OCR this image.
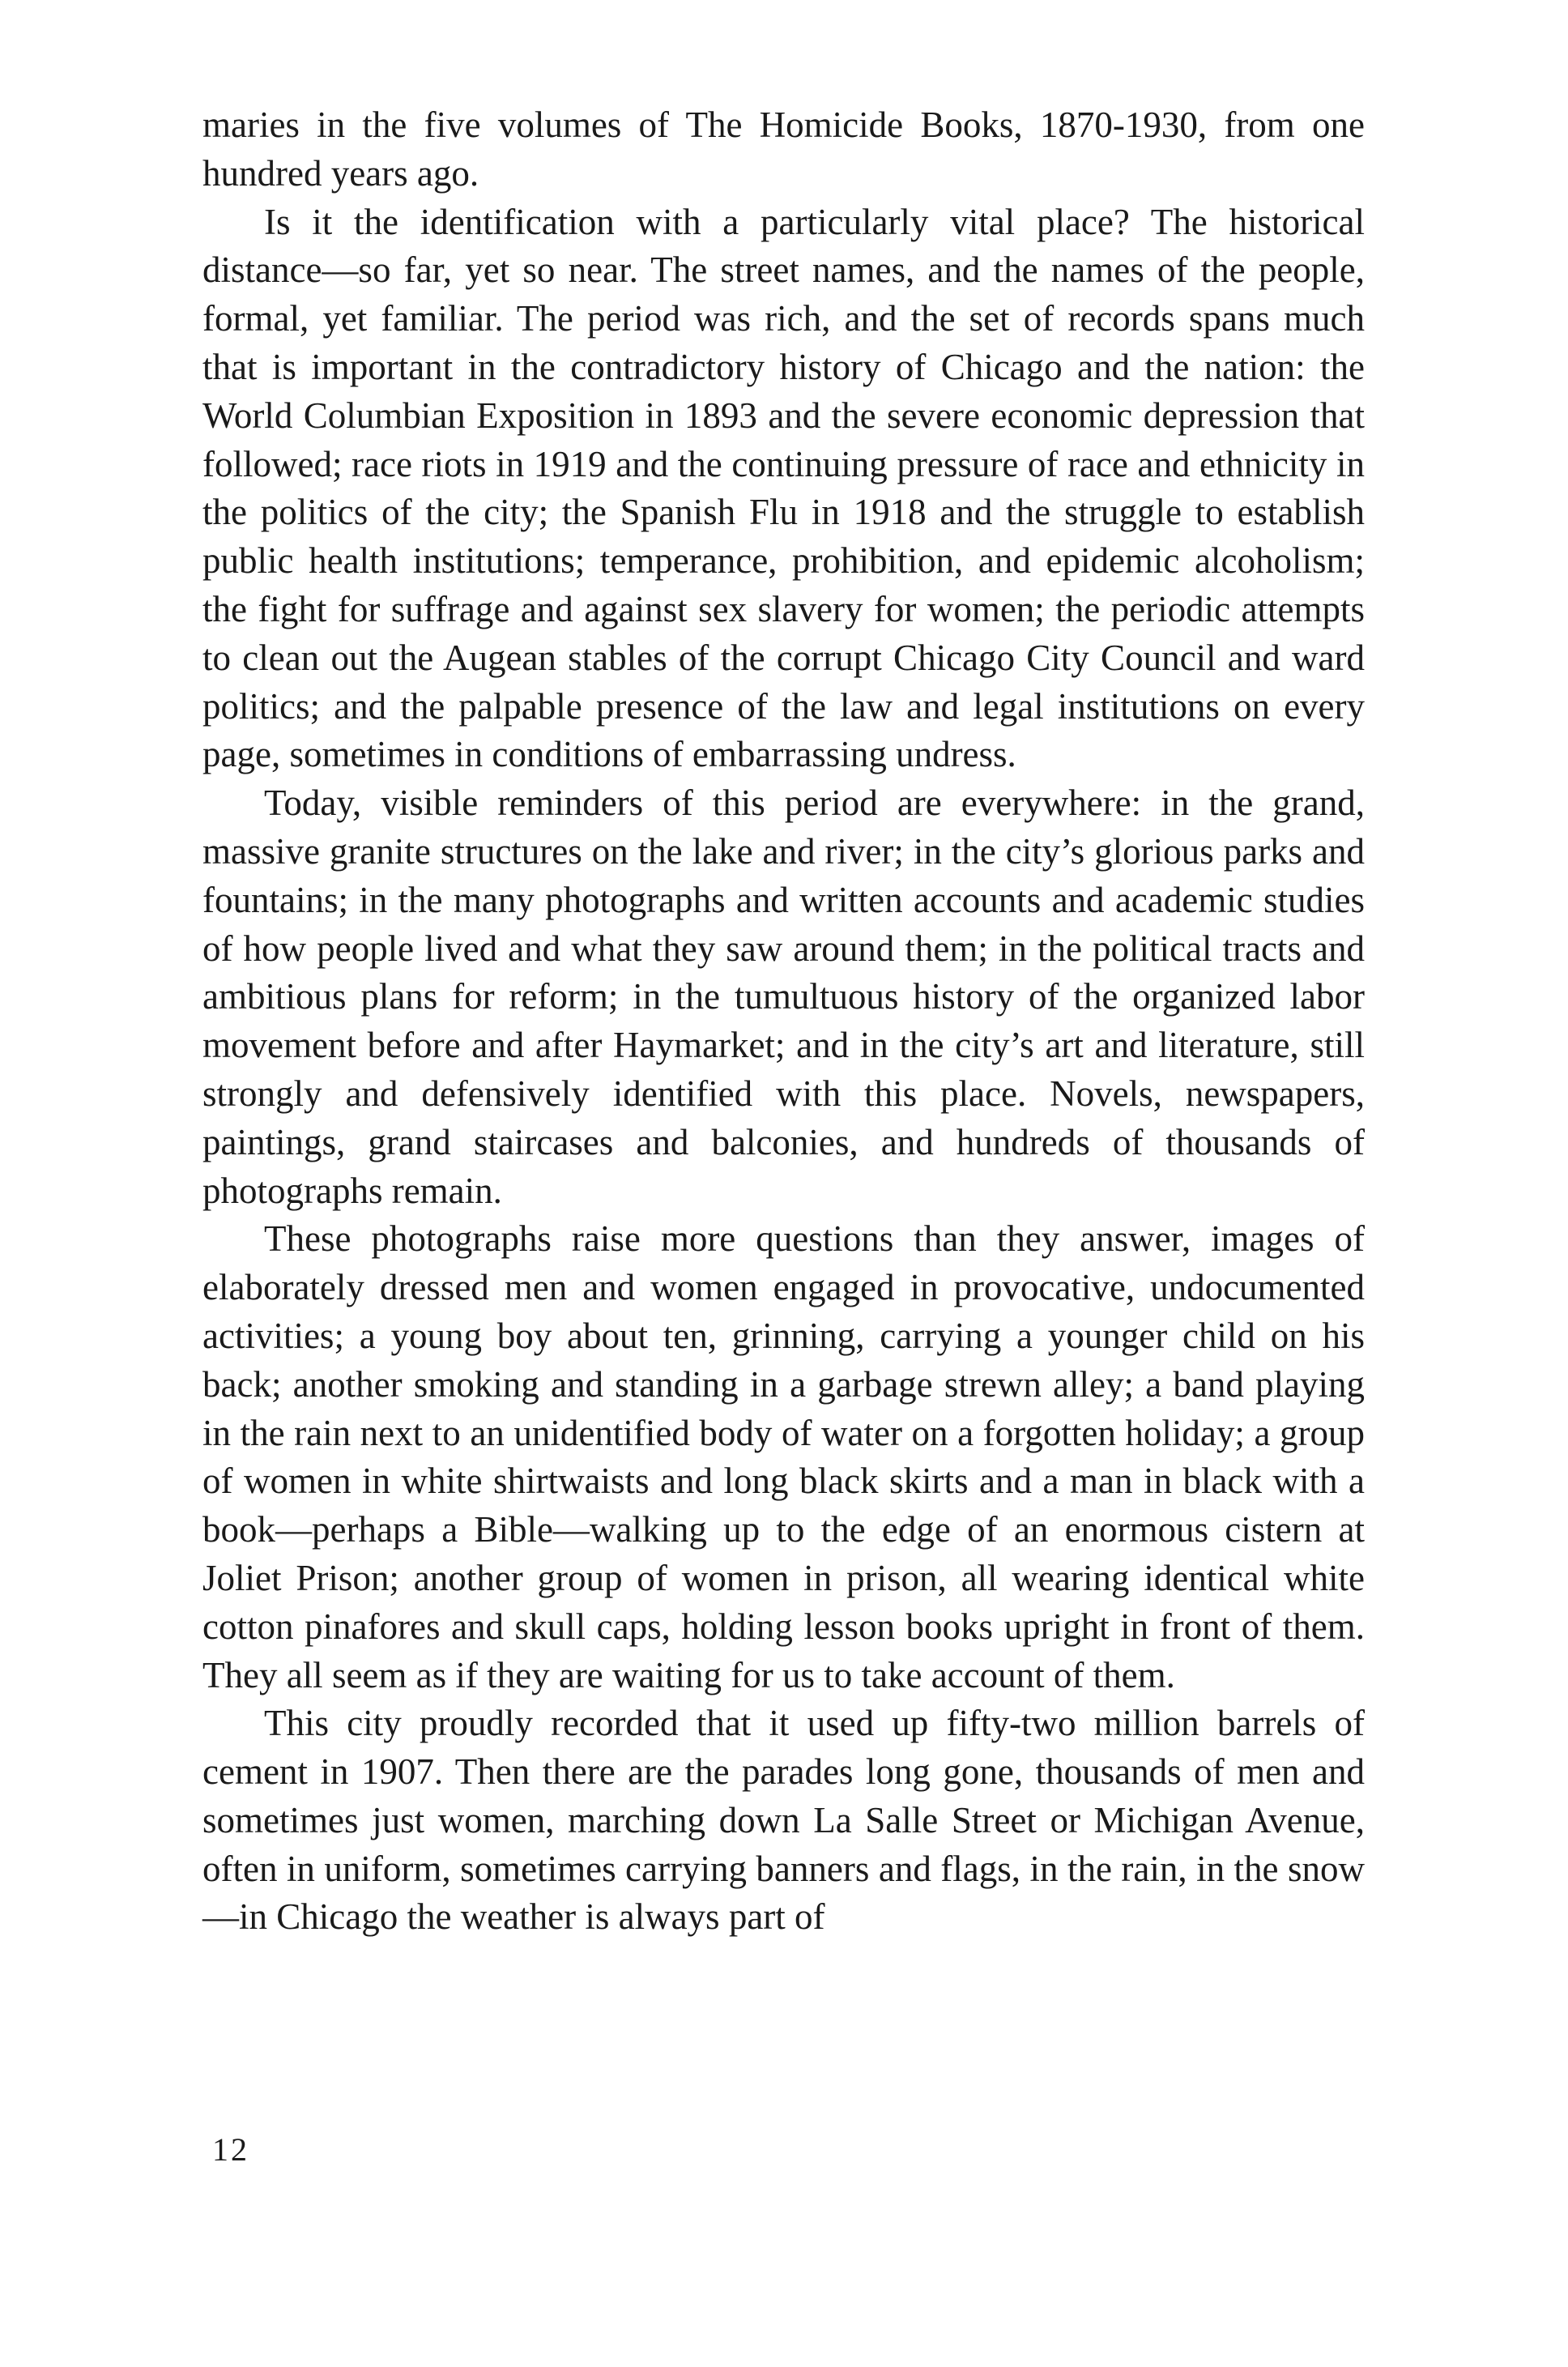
maries in the five volumes of The Homicide Books, 1870-1930, from one hundred years ago.

Is it the identification with a particularly vital place? The historical distance—so far, yet so near. The street names, and the names of the people, formal, yet familiar. The period was rich, and the set of records spans much that is important in the contradictory history of Chicago and the nation: the World Columbian Exposition in 1893 and the severe economic depression that followed; race riots in 1919 and the continuing pressure of race and ethnicity in the politics of the city; the Spanish Flu in 1918 and the struggle to establish public health institutions; temperance, prohibition, and epidemic alcoholism; the fight for suffrage and against sex slavery for women; the periodic attempts to clean out the Augean stables of the corrupt Chicago City Council and ward politics; and the palpable presence of the law and legal institutions on every page, sometimes in conditions of embarrassing undress.

Today, visible reminders of this period are everywhere: in the grand, massive granite structures on the lake and river; in the city’s glorious parks and fountains; in the many photographs and written accounts and academic studies of how people lived and what they saw around them; in the political tracts and ambitious plans for reform; in the tumultuous history of the organized labor movement before and after Haymarket; and in the city’s art and literature, still strongly and defensively identified with this place. Novels, newspapers, paintings, grand staircases and balconies, and hundreds of thousands of photographs remain.

These photographs raise more questions than they answer, images of elaborately dressed men and women engaged in provocative, undocumented activities; a young boy about ten, grinning, carrying a younger child on his back; another smoking and standing in a garbage strewn alley; a band playing in the rain next to an unidentified body of water on a forgotten holiday; a group of women in white shirtwaists and long black skirts and a man in black with a book—perhaps a Bible—walking up to the edge of an enormous cistern at Joliet Prison; another group of women in prison, all wearing identical white cotton pinafores and skull caps, holding lesson books upright in front of them. They all seem as if they are waiting for us to take account of them.

This city proudly recorded that it used up fifty-two million barrels of cement in 1907. Then there are the parades long gone, thousands of men and sometimes just women, marching down La Salle Street or Michigan Avenue, often in uniform, sometimes carrying banners and flags, in the rain, in the snow—in Chicago the weather is always part of

12
